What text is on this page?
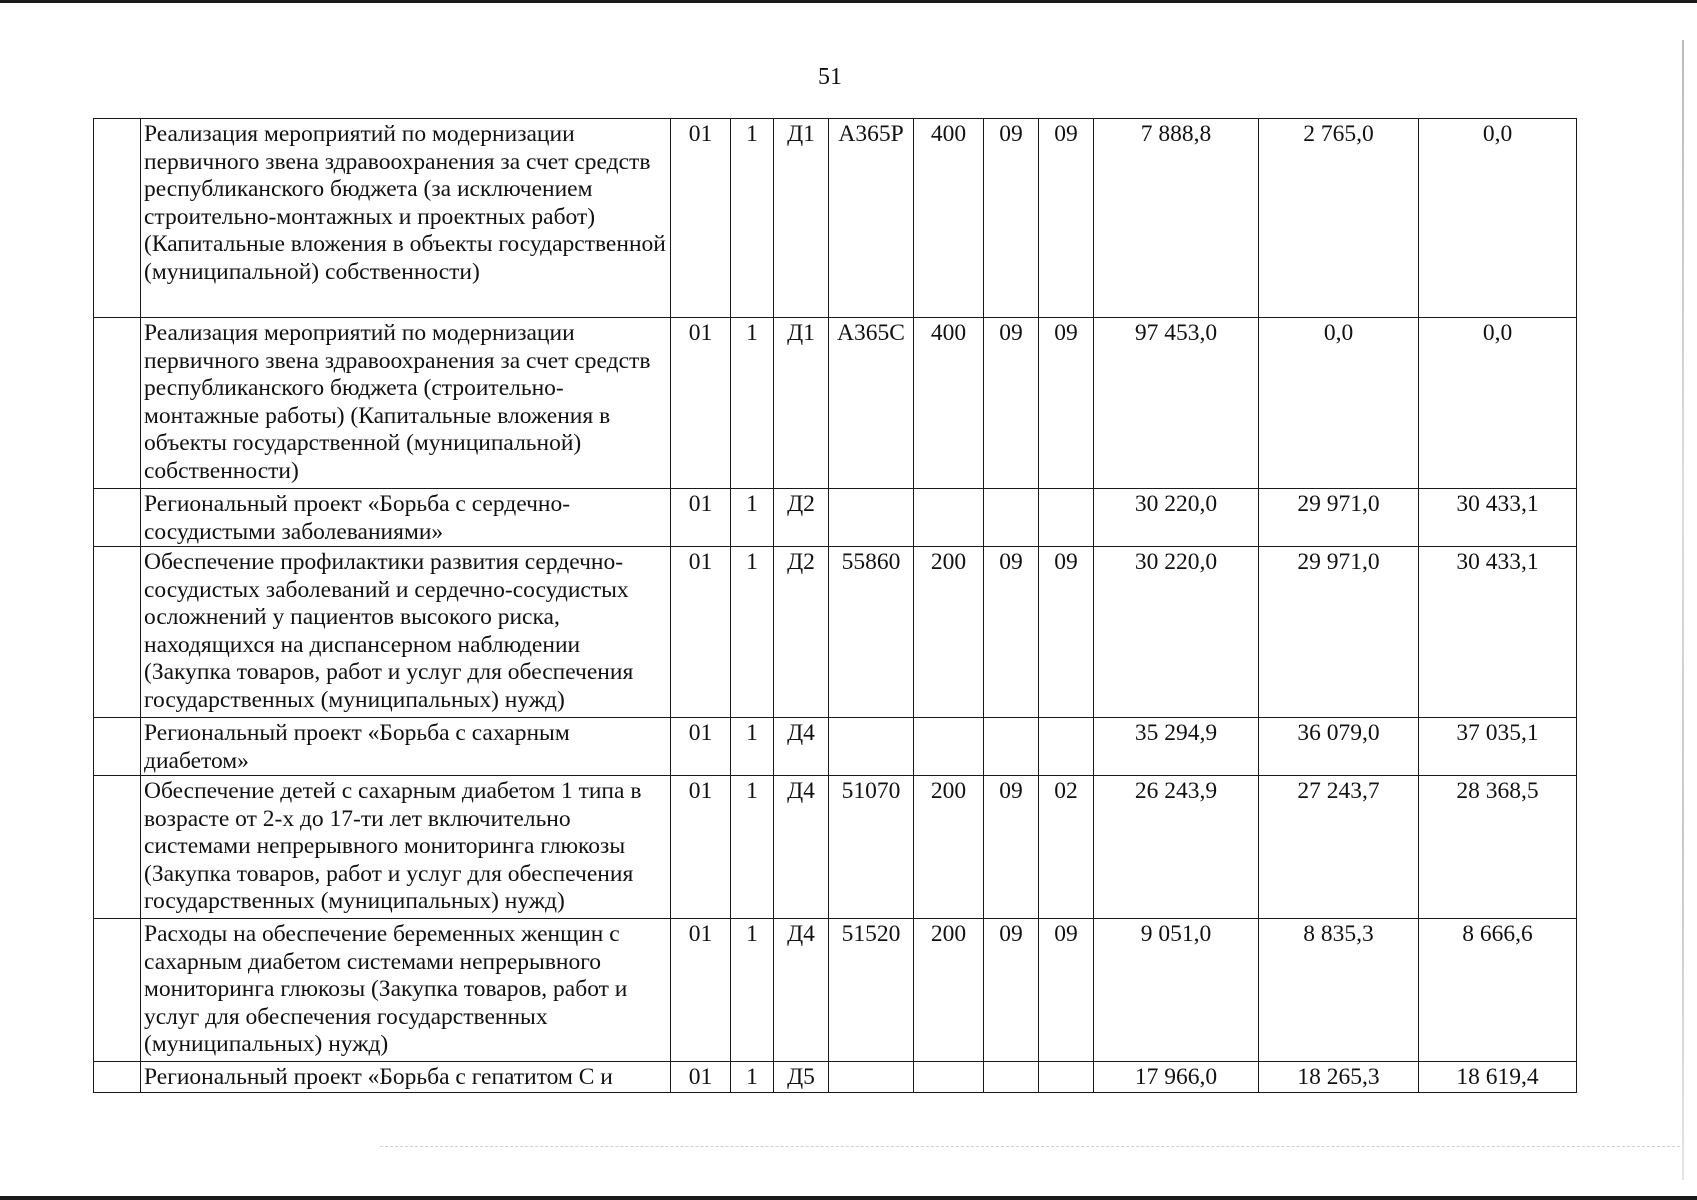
51
	Реализация мероприятий по модернизации первичного звена здравоохранения за счет средств республиканского бюджета (за исключением строительно-монтажных и проектных работ) (Капитальные вложения в объекты государственной (муниципальной) собственности)	01	1	Д1	А365Р	400	09	09	7 888,8	2 765,0	0,0
	Реализация мероприятий по модернизации первичного звена здравоохранения за счет средств республиканского бюджета (строительно-монтажные работы) (Капитальные вложения в объекты государственной (муниципальной) собственности)	01	1	Д1	А365С	400	09	09	97 453,0	0,0	0,0
	Региональный проект «Борьба с сердечно-сосудистыми заболеваниями»	01	1	Д2					30 220,0	29 971,0	30 433,1
	Обеспечение профилактики развития сердечно-сосудистых заболеваний и сердечно-сосудистых осложнений у пациентов высокого риска, находящихся на диспансерном наблюдении (Закупка товаров, работ и услуг для обеспечения государственных (муниципальных) нужд)	01	1	Д2	55860	200	09	09	30 220,0	29 971,0	30 433,1
	Региональный проект «Борьба с сахарным диабетом»	01	1	Д4					35 294,9	36 079,0	37 035,1
	Обеспечение детей с сахарным диабетом 1 типа в возрасте от 2-х до 17-ти лет включительно системами непрерывного мониторинга глюкозы (Закупка товаров, работ и услуг для обеспечения государственных (муниципальных) нужд)	01	1	Д4	51070	200	09	02	26 243,9	27 243,7	28 368,5
	Расходы на обеспечение беременных женщин с сахарным диабетом системами непрерывного мониторинга глюкозы (Закупка товаров, работ и услуг для обеспечения государственных (муниципальных) нужд)	01	1	Д4	51520	200	09	09	9 051,0	8 835,3	8 666,6
	Региональный проект «Борьба с гепатитом С и	01	1	Д5					17 966,0	18 265,3	18 619,4
